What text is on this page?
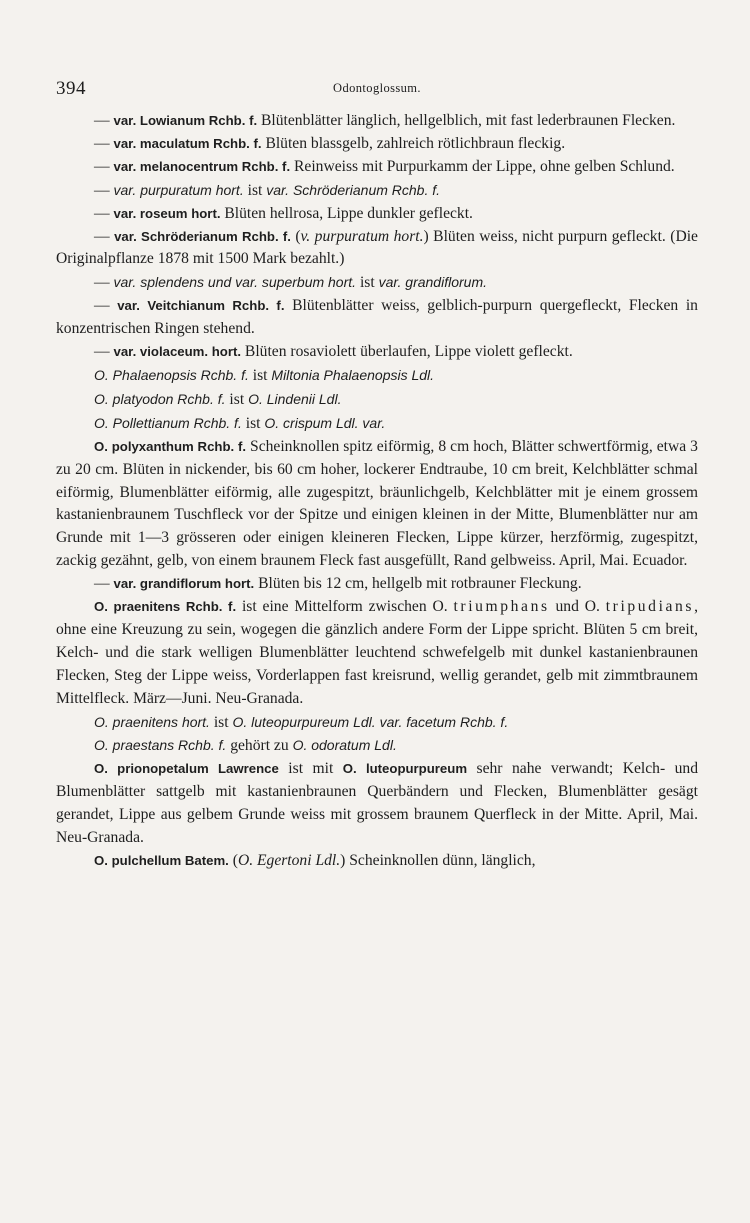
394	Odontoglossum.

— var. Lowianum Rchb. f. Blütenblätter länglich, hellgelblich, mit fast lederbraunen Flecken.

— var. maculatum Rchb. f. Blüten blassgelb, zahlreich rötlichbraun fleckig.

— var. melanocentrum Rchb. f. Reinweiss mit Purpurkamm der Lippe, ohne gelben Schlund.

— var. purpuratum hort. ist var. Schröderianum Rchb. f.

— var. roseum hort. Blüten hellrosa, Lippe dunkler gefleckt.

— var. Schröderianum Rchb. f. (v. purpuratum hort.) Blüten weiss, nicht purpurn gefleckt. (Die Originalpflanze 1878 mit 1500 Mark bezahlt.)

— var. splendens und var. superbum hort. ist var. grandiflorum.

— var. Veitchianum Rchb. f. Blütenblätter weiss, gelblich-purpurn quergefleckt, Flecken in konzentrischen Ringen stehend.

— var. violaceum. hort. Blüten rosaviolett überlaufen, Lippe violett gefleckt.

O. Phalaenopsis Rchb. f. ist Miltonia Phalaenopsis Ldl.

O. platyodon Rchb. f. ist O. Lindenii Ldl.

O. Pollettianum Rchb. f. ist O. crispum Ldl. var.

O. polyxanthum Rchb. f. Scheinknollen spitz eiförmig, 8 cm hoch, Blätter schwertförmig, etwa 3 zu 20 cm. Blüten in nickender, bis 60 cm hoher, lockerer Endtraube, 10 cm breit, Kelchblätter schmal eiförmig, Blumenblätter eiförmig, alle zugespitzt, bräunlichgelb, Kelchblätter mit je einem grossem kastanienbraunem Tuschfleck vor der Spitze und einigen kleinen in der Mitte, Blumenblätter nur am Grunde mit 1—3 grösseren oder einigen kleineren Flecken, Lippe kürzer, herzförmig, zugespitzt, zackig gezähnt, gelb, von einem braunem Fleck fast ausgefüllt, Rand gelbweiss. April, Mai. Ecuador.

— var. grandiflorum hort. Blüten bis 12 cm, hellgelb mit rotbrauner Fleckung.

O. praenitens Rchb. f. ist eine Mittelform zwischen O. triumphans und O. tripudians, ohne eine Kreuzung zu sein, wogegen die gänzlich andere Form der Lippe spricht. Blüten 5 cm breit, Kelch- und die stark welligen Blumenblätter leuchtend schwefelgelb mit dunkel kastanienbraunen Flecken, Steg der Lippe weiss, Vorderlappen fast kreisrund, wellig gerandet, gelb mit zimmtbraunem Mittelfleck. März—Juni. Neu-Granada.

O. praenitens hort. ist O. luteopurpureum Ldl. var. facetum Rchb. f.

O. praestans Rchb. f. gehört zu O. odoratum Ldl.

O. prionopetalum Lawrence ist mit O. luteopurpureum sehr nahe verwandt; Kelch- und Blumenblätter sattgelb mit kastanienbraunen Querbändern und Flecken, Blumenblätter gesägt gerandet, Lippe aus gelbem Grunde weiss mit grossem braunem Querfleck in der Mitte. April, Mai. Neu-Granada.

O. pulchellum Batem. (O. Egertoni Ldl.) Scheinknollen dünn, länglich,
